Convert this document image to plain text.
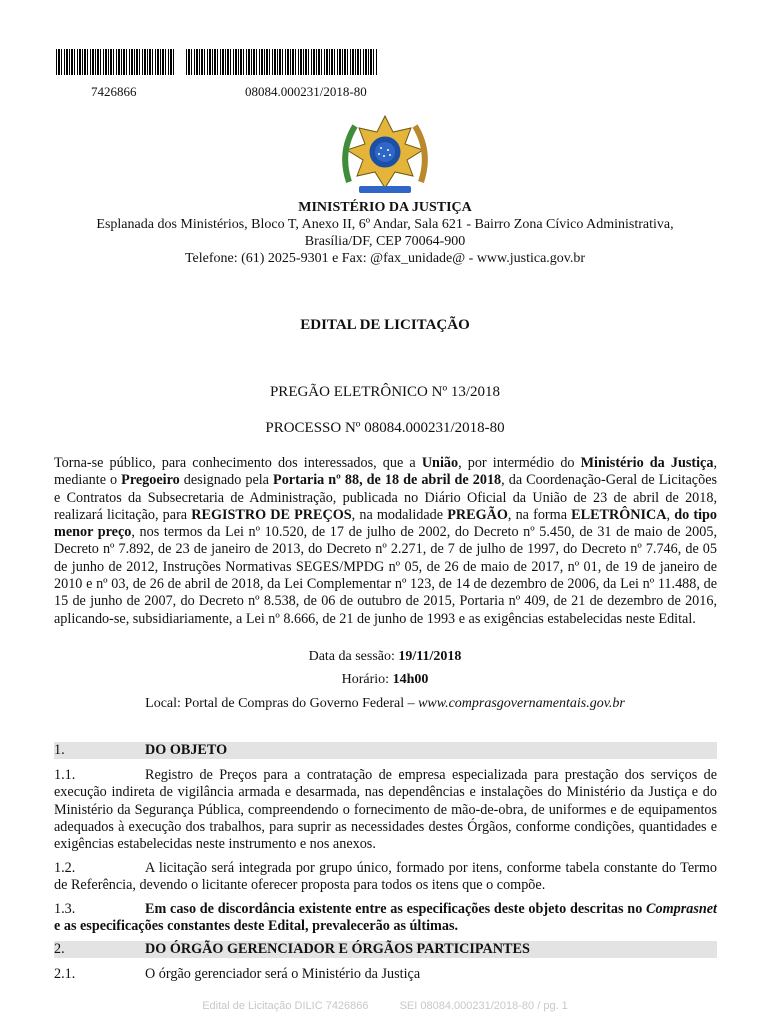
7426866	08084.000231/2018-80
MINISTÉRIO DA JUSTIÇA
Esplanada dos Ministérios, Bloco T, Anexo II, 6º Andar, Sala 621 - Bairro Zona Cívico Administrativa,
Brasília/DF, CEP 70064-900
Telefone: (61) 2025-9301 e Fax: @fax_unidade@ - www.justica.gov.br
EDITAL DE LICITAÇÃO
PREGÃO ELETRÔNICO Nº 13/2018
PROCESSO Nº 08084.000231/2018-80
Torna-se público, para conhecimento dos interessados, que a União, por intermédio do Ministério da Justiça, mediante o Pregoeiro designado pela Portaria nº 88, de 18 de abril de 2018, da Coordenação-Geral de Licitações e Contratos da Subsecretaria de Administração, publicada no Diário Oficial da União de 23 de abril de 2018, realizará licitação, para REGISTRO DE PREÇOS, na modalidade PREGÃO, na forma ELETRÔNICA, do tipo menor preço, nos termos da Lei nº 10.520, de 17 de julho de 2002, do Decreto nº 5.450, de 31 de maio de 2005, Decreto nº 7.892, de 23 de janeiro de 2013, do Decreto nº 2.271, de 7 de julho de 1997, do Decreto nº 7.746, de 05 de junho de 2012, Instruções Normativas SEGES/MPDG nº 05, de 26 de maio de 2017, nº 01, de 19 de janeiro de 2010 e nº 03, de 26 de abril de 2018, da Lei Complementar nº 123, de 14 de dezembro de 2006, da Lei nº 11.488, de 15 de junho de 2007, do Decreto nº 8.538, de 06 de outubro de 2015, Portaria nº 409, de 21 de dezembro de 2016, aplicando-se, subsidiariamente, a Lei nº 8.666, de 21 de junho de 1993 e as exigências estabelecidas neste Edital.
Data da sessão: 19/11/2018
Horário: 14h00
Local: Portal de Compras do Governo Federal – www.comprasgovernamentais.gov.br
1.	DO OBJETO
1.1.	Registro de Preços para a contratação de empresa especializada para prestação dos serviços de execução indireta de vigilância armada e desarmada, nas dependências e instalações do Ministério da Justiça e do Ministério da Segurança Pública, compreendendo o fornecimento de mão-de-obra, de uniformes e de equipamentos adequados à execução dos trabalhos, para suprir as necessidades destes Órgãos, conforme condições, quantidades e exigências estabelecidas neste instrumento e nos anexos.
1.2.	A licitação será integrada por grupo único, formado por itens, conforme tabela constante do Termo de Referência, devendo o licitante oferecer proposta para todos os itens que o compõe.
1.3.	Em caso de discordância existente entre as especificações deste objeto descritas no Comprasnet e as especificações constantes deste Edital, prevalecerão as últimas.
2.	DO ÓRGÃO GERENCIADOR E ÓRGÃOS PARTICIPANTES
2.1.	O órgão gerenciador será o Ministério da Justiça
Edital de Licitação DILIC 7426866	SEI 08084.000231/2018-80 / pg. 1
